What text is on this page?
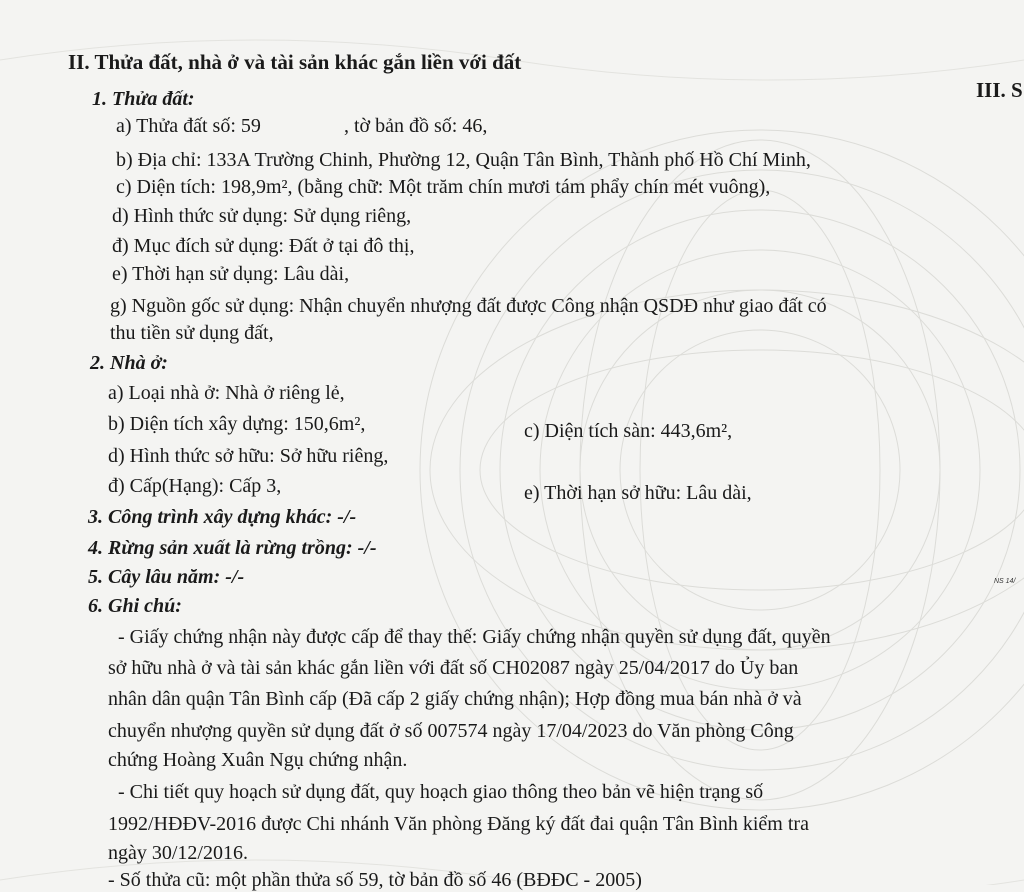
II. Thửa đất, nhà ở và tài sản khác gắn liền với đất
III. S
1. Thửa đất:
a) Thửa đất số: 59	, tờ bản đồ số: 46,
b) Địa chỉ: 133A Trường Chinh, Phường 12, Quận Tân Bình, Thành phố Hồ Chí Minh,
c) Diện tích: 198,9m², (bằng chữ: Một trăm chín mươi tám phẩy chín mét vuông),
d) Hình thức sử dụng: Sử dụng riêng,
đ) Mục đích sử dụng: Đất ở tại đô thị,
e) Thời hạn sử dụng: Lâu dài,
g) Nguồn gốc sử dụng: Nhận chuyển nhượng đất được Công nhận QSDĐ như giao đất có
thu tiền sử dụng đất,
2. Nhà ở:
a) Loại nhà ở: Nhà ở riêng lẻ,
b) Diện tích xây dựng: 150,6m²,	c) Diện tích sàn: 443,6m²,
d) Hình thức sở hữu: Sở hữu riêng,
đ) Cấp(Hạng): Cấp 3,	e) Thời hạn sở hữu: Lâu dài,
3. Công trình xây dựng khác: -/-
4. Rừng sản xuất là rừng trồng: -/-
5. Cây lâu năm: -/-
6. Ghi chú:
- Giấy chứng nhận này được cấp để thay thế: Giấy chứng nhận quyền sử dụng đất, quyền
sở hữu nhà ở và tài sản khác gắn liền với đất số CH02087 ngày 25/04/2017 do Ủy ban
nhân dân quận Tân Bình cấp (Đã cấp 2 giấy chứng nhận); Hợp đồng mua bán nhà ở và
chuyển nhượng quyền sử dụng đất ở số 007574 ngày 17/04/2023 do Văn phòng Công
chứng Hoàng Xuân Ngụ chứng nhận.
- Chi tiết quy hoạch sử dụng đất, quy hoạch giao thông theo bản vẽ hiện trạng số
1992/HĐĐV-2016 được Chi nhánh Văn phòng Đăng ký đất đai quận Tân Bình kiểm tra
ngày 30/12/2016.
- Số thửa cũ: một phần thửa số 59, tờ bản đồ số 46 (BĐĐC - 2005)
NS 14/
